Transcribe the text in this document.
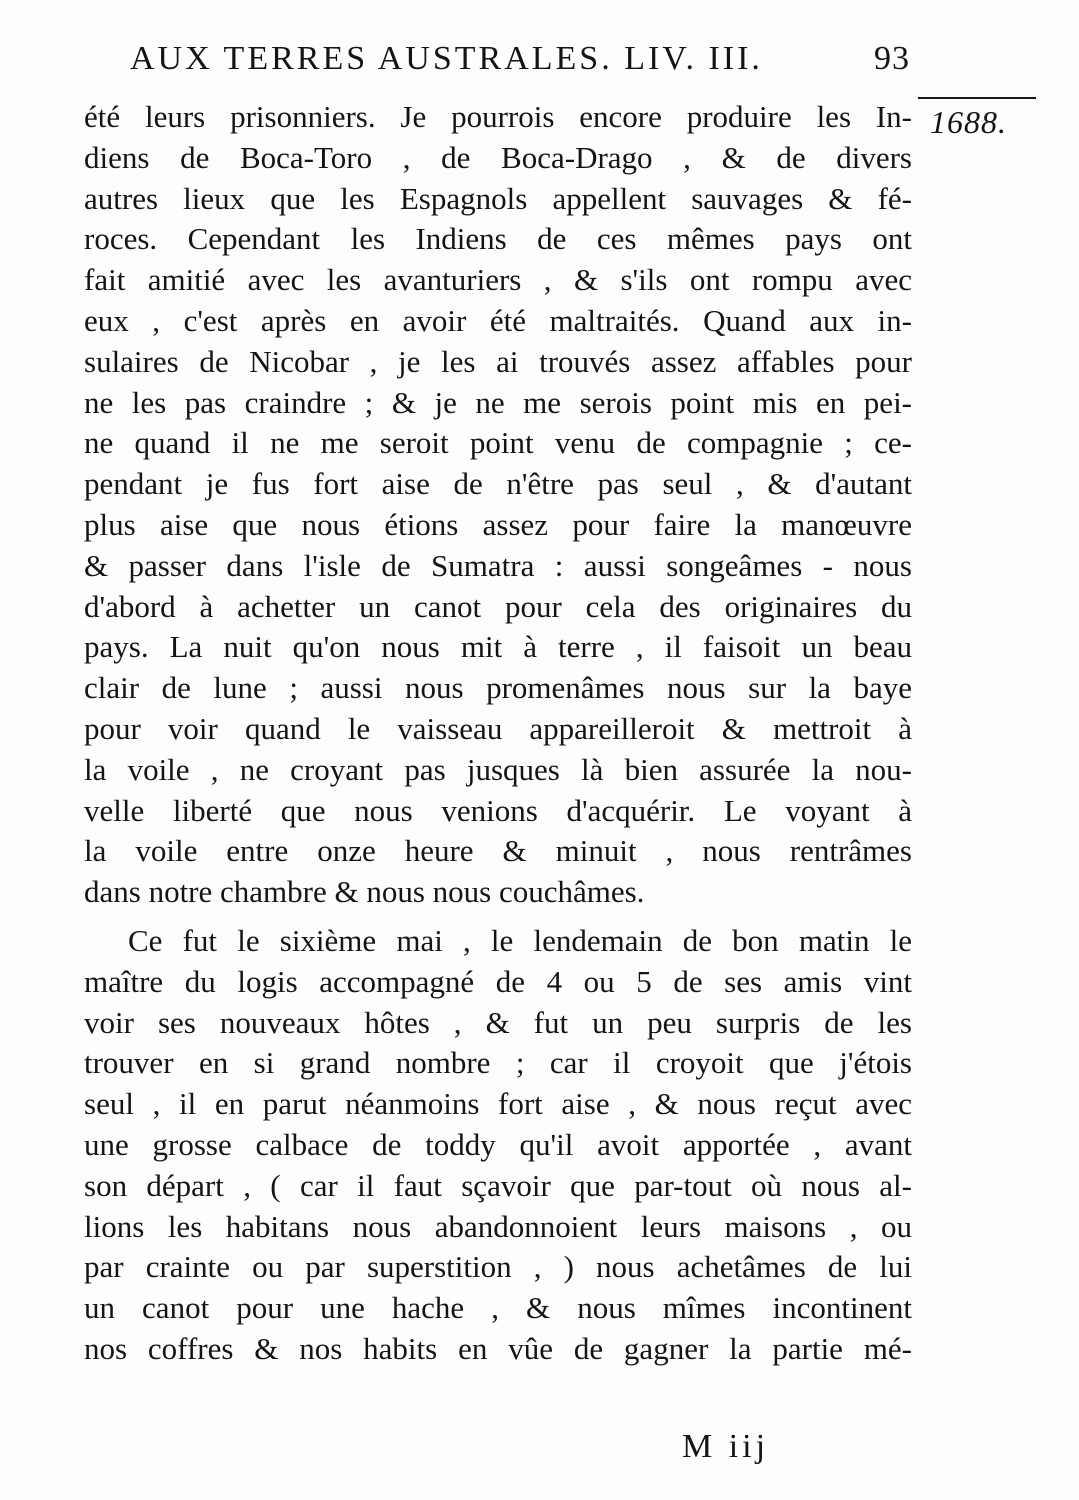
AUX TERRES AUSTRALES. LIV. III.	93
1688.
été leurs prisonniers. Je pourrois encore produire les In-
diens de Boca-Toro , de Boca-Drago , & de divers
autres lieux que les Espagnols appellent sauvages & fé-
roces. Cependant les Indiens de ces mêmes pays ont
fait amitié avec les avanturiers , & s'ils ont rompu avec
eux , c'est après en avoir été maltraités. Quand aux in-
sulaires de Nicobar , je les ai trouvés assez affables pour
ne les pas craindre ; & je ne me serois point mis en pei-
ne quand il ne me seroit point venu de compagnie ; ce-
pendant je fus fort aise de n'être pas seul , & d'autant
plus aise que nous étions assez pour faire la manœuvre
& passer dans l'isle de Sumatra : aussi songeâmes - nous
d'abord à achetter un canot pour cela des originaires du
pays. La nuit qu'on nous mit à terre , il faisoit un beau
clair de lune ; aussi nous promenâmes nous sur la baye
pour voir quand le vaisseau appareilleroit & mettroit à
la voile , ne croyant pas jusques là bien assurée la nou-
velle liberté que nous venions d'acquérir. Le voyant à
la voile entre onze heure & minuit , nous rentrâmes
dans notre chambre & nous nous couchâmes.
Ce fut le sixième mai , le lendemain de bon matin le
maître du logis accompagné de 4 ou 5 de ses amis vint
voir ses nouveaux hôtes , & fut un peu surpris de les
trouver en si grand nombre ; car il croyoit que j'étois
seul , il en parut néanmoins fort aise , & nous reçut avec
une grosse calbace de toddy qu'il avoit apportée , avant
son départ , ( car il faut sçavoir que par-tout où nous al-
lions les habitans nous abandonnoient leurs maisons , ou
par crainte ou par superstition , ) nous achetâmes de lui
un canot pour une hache , & nous mîmes incontinent
nos coffres & nos habits en vûe de gagner la partie mé-
M iij
